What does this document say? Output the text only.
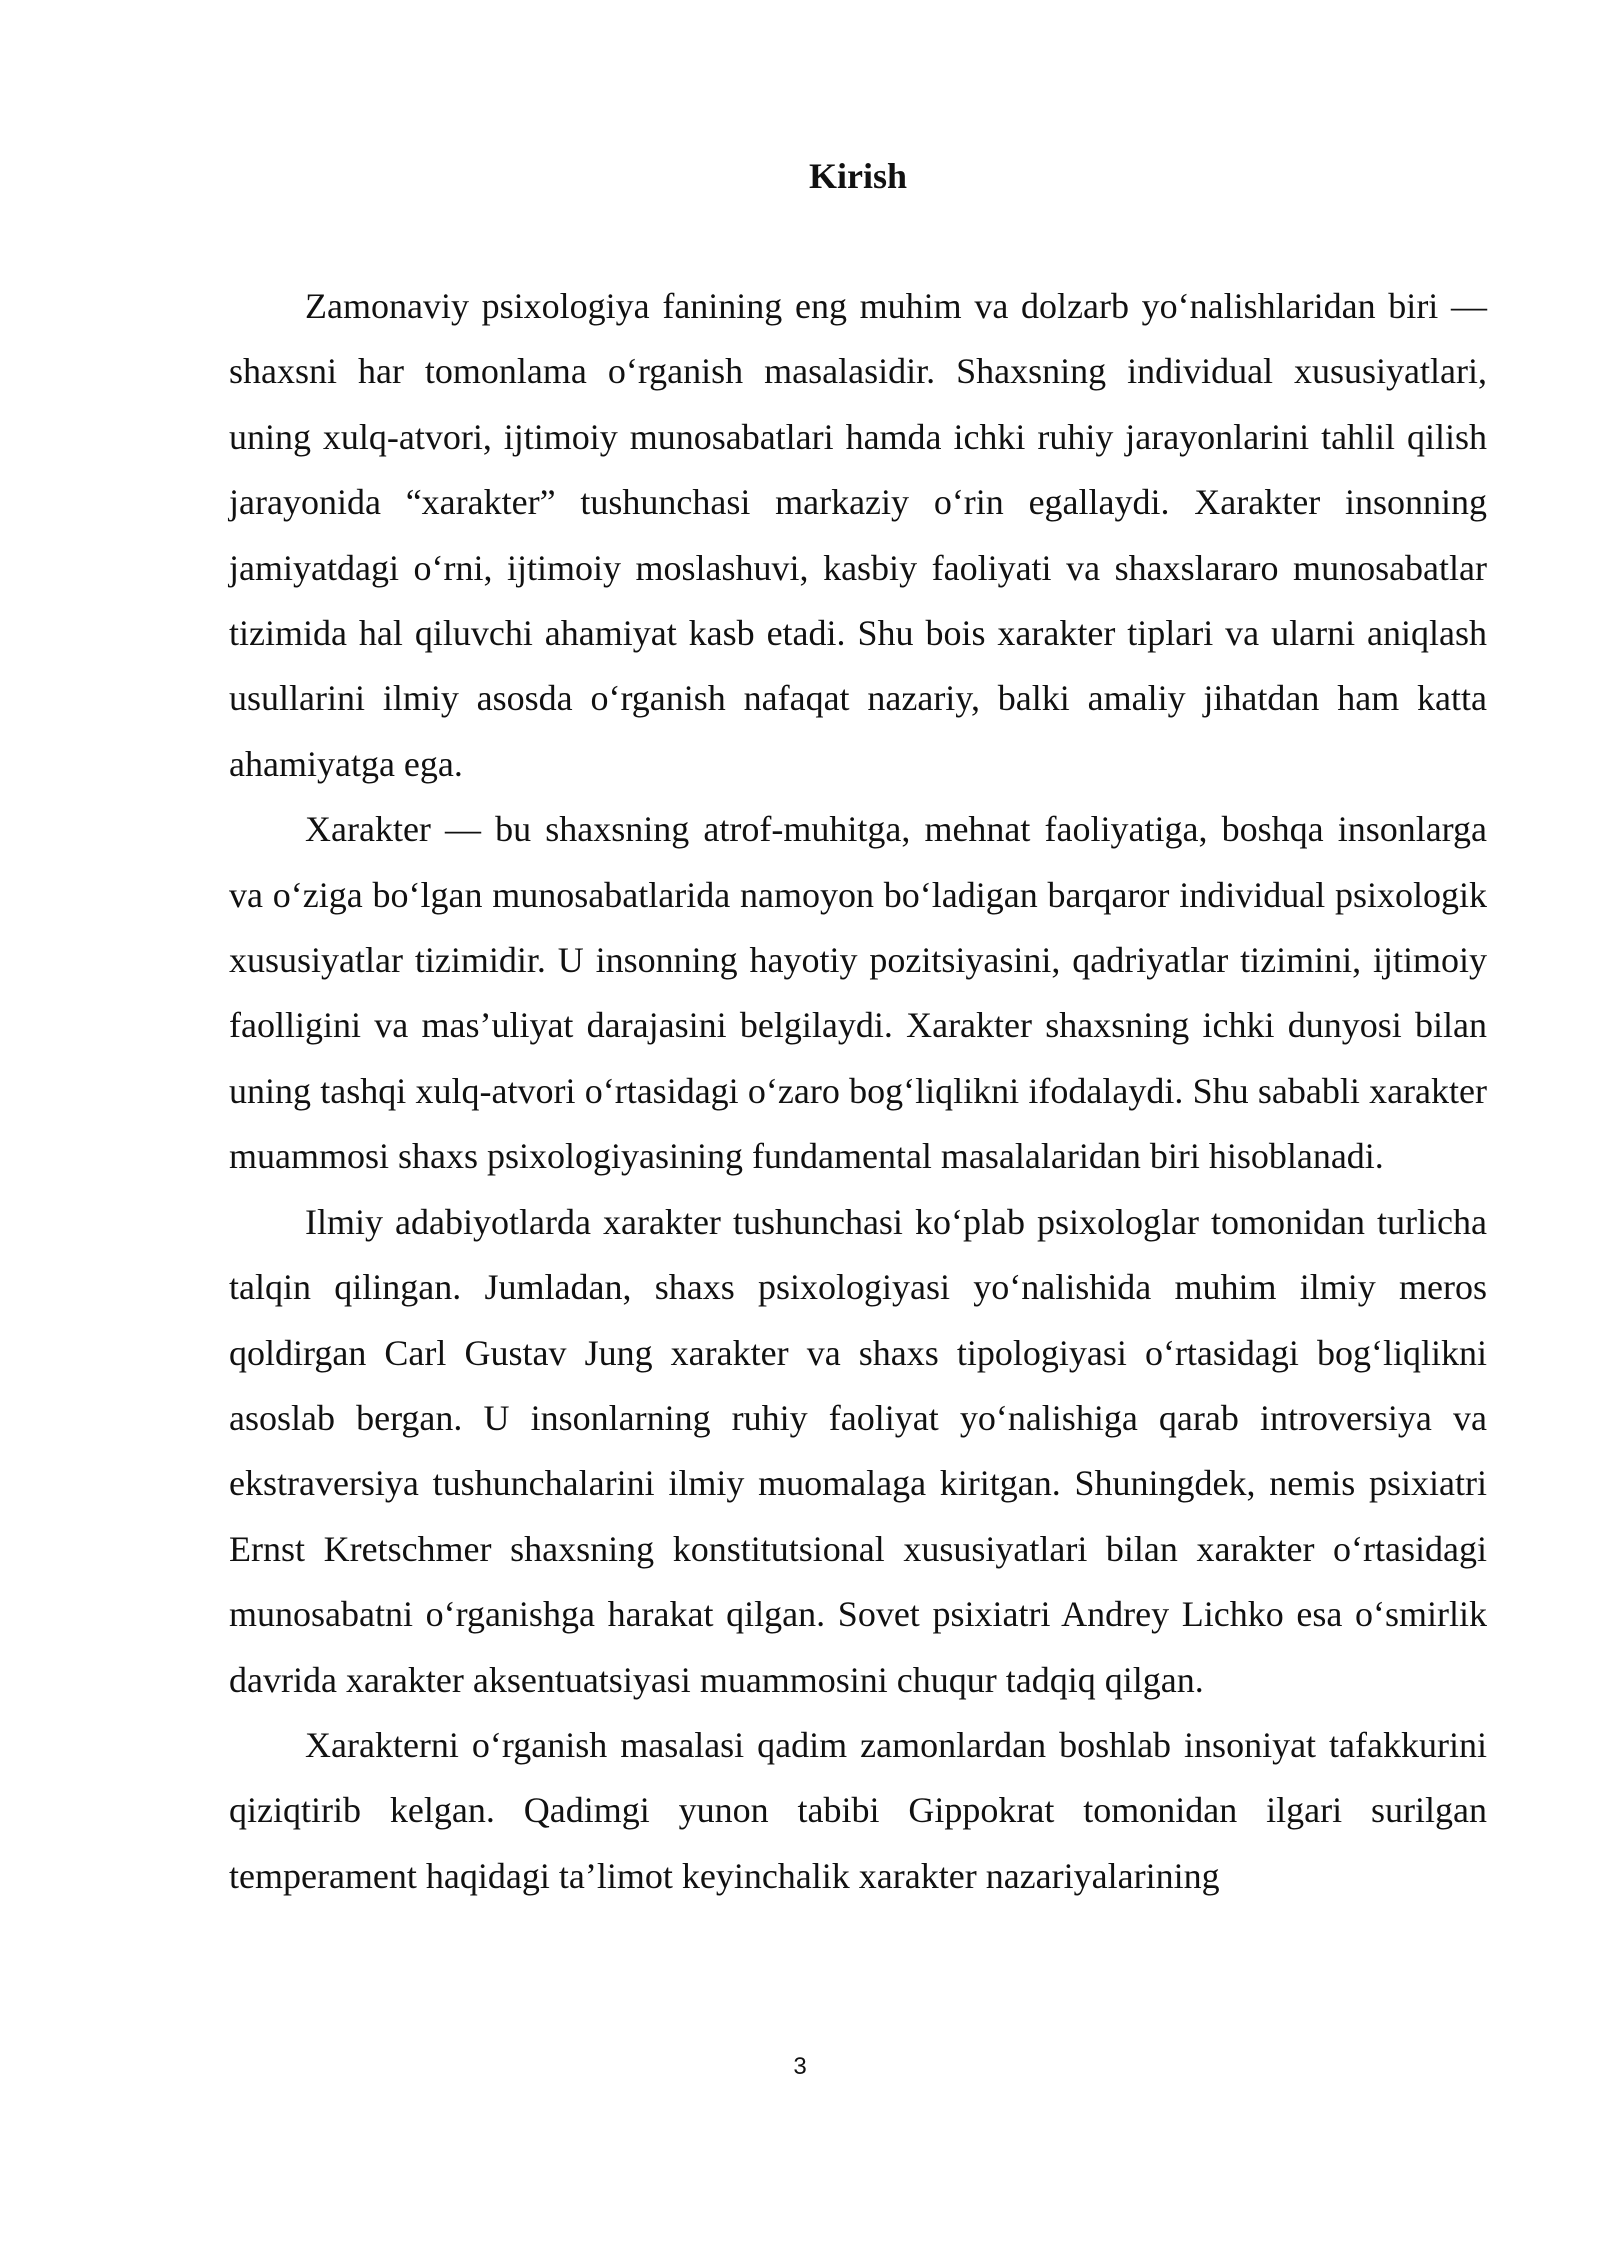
Kirish

Zamonaviy psixologiya fanining eng muhim va dolzarb yo‘nalishlaridan biri — shaxsni har tomonlama o‘rganish masalasidir. Shaxsning individual xususiyatlari, uning xulq-atvori, ijtimoiy munosabatlari hamda ichki ruhiy jarayonlarini tahlil qilish jarayonida “xarakter” tushunchasi markaziy o‘rin egallaydi. Xarakter insonning jamiyatdagi o‘rni, ijtimoiy moslashuvi, kasbiy faoliyati va shaxslararo munosabatlar tizimida hal qiluvchi ahamiyat kasb etadi. Shu bois xarakter tiplari va ularni aniqlash usullarini ilmiy asosda o‘rganish nafaqat nazariy, balki amaliy jihatdan ham katta ahamiyatga ega.

Xarakter — bu shaxsning atrof-muhitga, mehnat faoliyatiga, boshqa insonlarga va o‘ziga bo‘lgan munosabatlarida namoyon bo‘ladigan barqaror individual psixologik xususiyatlar tizimidir. U insonning hayotiy pozitsiyasini, qadriyatlar tizimini, ijtimoiy faolligini va mas’uliyat darajasini belgilaydi. Xarakter shaxsning ichki dunyosi bilan uning tashqi xulq-atvori o‘rtasidagi o‘zaro bog‘liqlikni ifodalaydi. Shu sababli xarakter muammosi shaxs psixologiyasining fundamental masalalaridan biri hisoblanadi.

Ilmiy adabiyotlarda xarakter tushunchasi ko‘plab psixologlar tomonidan turlicha talqin qilingan. Jumladan, shaxs psixologiyasi yo‘nalishida muhim ilmiy meros qoldirgan Carl Gustav Jung xarakter va shaxs tipologiyasi o‘rtasidagi bog‘liqlikni asoslab bergan. U insonlarning ruhiy faoliyat yo‘nalishiga qarab introversiya va ekstraversiya tushunchalarini ilmiy muomalaga kiritgan. Shuningdek, nemis psixiatri Ernst Kretschmer shaxsning konstitutsional xususiyatlari bilan xarakter o‘rtasidagi munosabatni o‘rganishga harakat qilgan. Sovet psixiatri Andrey Lichko esa o‘smirlik davrida xarakter aksentuatsiyasi muammosini chuqur tadqiq qilgan.

Xarakterni o‘rganish masalasi qadim zamonlardan boshlab insoniyat tafakkurini qiziqtirib kelgan. Qadimgi yunon tabibi Gippokrat tomonidan ilgari surilgan temperament haqidagi ta’limot keyinchalik xarakter nazariyalarining

3
